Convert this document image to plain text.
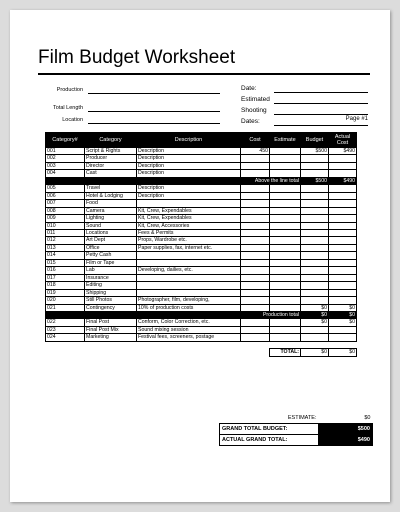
Film Budget Worksheet
Production
Total Length
Location
Date:
Estimated
Shooting
Dates:	Page #1
Category#	Category	Description	Cost	Estimate	Budget	Actual Cost
001	Script & Rights	Description	450		$500	$490
002	Producer	Description				
003	Director	Description				
004	Cast	Description				
Above the line total					$500	$490
005	Travel	Description				
006	Hotel & Lodging	Description				
007	Food					
008	Camera	Kit, Crew, Expendables				
009	Lighting	Kit, Crew, Expendables				
010	Sound	Kit, Crew, Accessories				
011	Locations	Fees & Permits				
012	Art Dept	Props, Wardrobe etc.				
013	Office	Paper supplies, fax, internet etc.				
014	Petty Cash					
015	Film or Tape					
016	Lab	Developing, dailies, etc.				
017	Insurance					
018	Editing					
019	Shipping					
020	Still Photos	Photographer, film, developing,				
021	Contingency	10% of production costs			$0	$0
Production total					$0	$0
022	Final Post	Conform, Color Correction, etc.			$0	$0
023	Final Post Mix	Sound mixing session				
024	Marketing	Festival fees, screeners, postage				

				TOTAL:	$0	$0
ESTIMATE:	$0
GRAND TOTAL BUDGET:	$500
ACTUAL GRAND TOTAL:	$490
